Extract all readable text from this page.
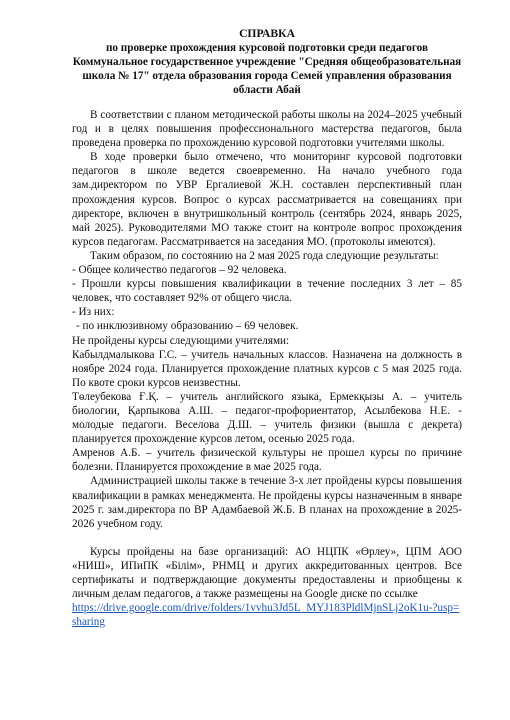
СПРАВКА
по проверке прохождения курсовой подготовки среди педагогов
Коммунальное государственное учреждение "Средняя общеобразовательная
школа № 17" отдела образования города Семей управления образования
области Абай

В соответствии с планом методической работы школы на 2024–2025 учебный год и в целях повышения профессионального мастерства педагогов, была проведена проверка по прохождению курсовой подготовки учителями школы.

В ходе проверки было отмечено, что мониторинг курсовой подготовки педагогов в школе ведется своевременно. На начало учебного года зам.директором по УВР Ергалиевой Ж.Н. составлен перспективный план прохождения курсов. Вопрос о курсах рассматривается на совещаниях при директоре, включен в внутришкольный контроль (сентябрь 2024, январь 2025, май 2025). Руководителями МО также стоит на контроле вопрос прохождения курсов педагогам. Рассматривается на заседания МО. (протоколы имеются).

Таким образом, по состоянию на 2 мая 2025 года следующие результаты:

- Общее количество педагогов – 92 человека.

- Прошли курсы повышения квалификации в течение последних 3 лет – 85 человек, что составляет 92% от общего числа.

- Из них:

- по инклюзивному образованию – 69 человек.

Не пройдены курсы следующими учителями:

Кабылдмалыкова Г.С. – учитель начальных классов. Назначена на должность в ноябре 2024 года. Планируется прохождение платных курсов с 5 мая 2025 года. По квоте сроки курсов неизвестны.

Төлеубекова Ғ.Қ. – учитель английского языка, Ермекқызы А. – учитель биологии, Қарпыкова А.Ш. – педагог-профориентатор, Асылбекова Н.Е. - молодые педагоги. Веселова Д.Ш. – учитель физики (вышла с декрета) планируется прохождение курсов летом, осенью 2025 года.

Амренов А.Б. – учитель физической культуры не прошел курсы по причине болезни. Планируется прохождение в мае 2025 года.

Администрацией школы также в течение 3-х лет пройдены курсы повышения квалификации в рамках менеджмента. Не пройдены курсы назначенным в январе 2025 г. зам.директора по ВР Адамбаевой Ж.Б. В планах на прохождение в 2025-2026 учебном году.

Курсы пройдены на базе организаций: АО НЦПК «Өрлеу», ЦПМ АОО «НИШ», ИПиПК «Білім», РНМЦ и других аккредитованных центров. Все сертификаты и подтверждающие документы предоставлены и приобщены к личным делам педагогов, а также размещены на Google диске по ссылке

https://drive.google.com/drive/folders/1vvhu3Jd5L_MYJ183PldlMjnSLj2oK1u-?usp=sharing
